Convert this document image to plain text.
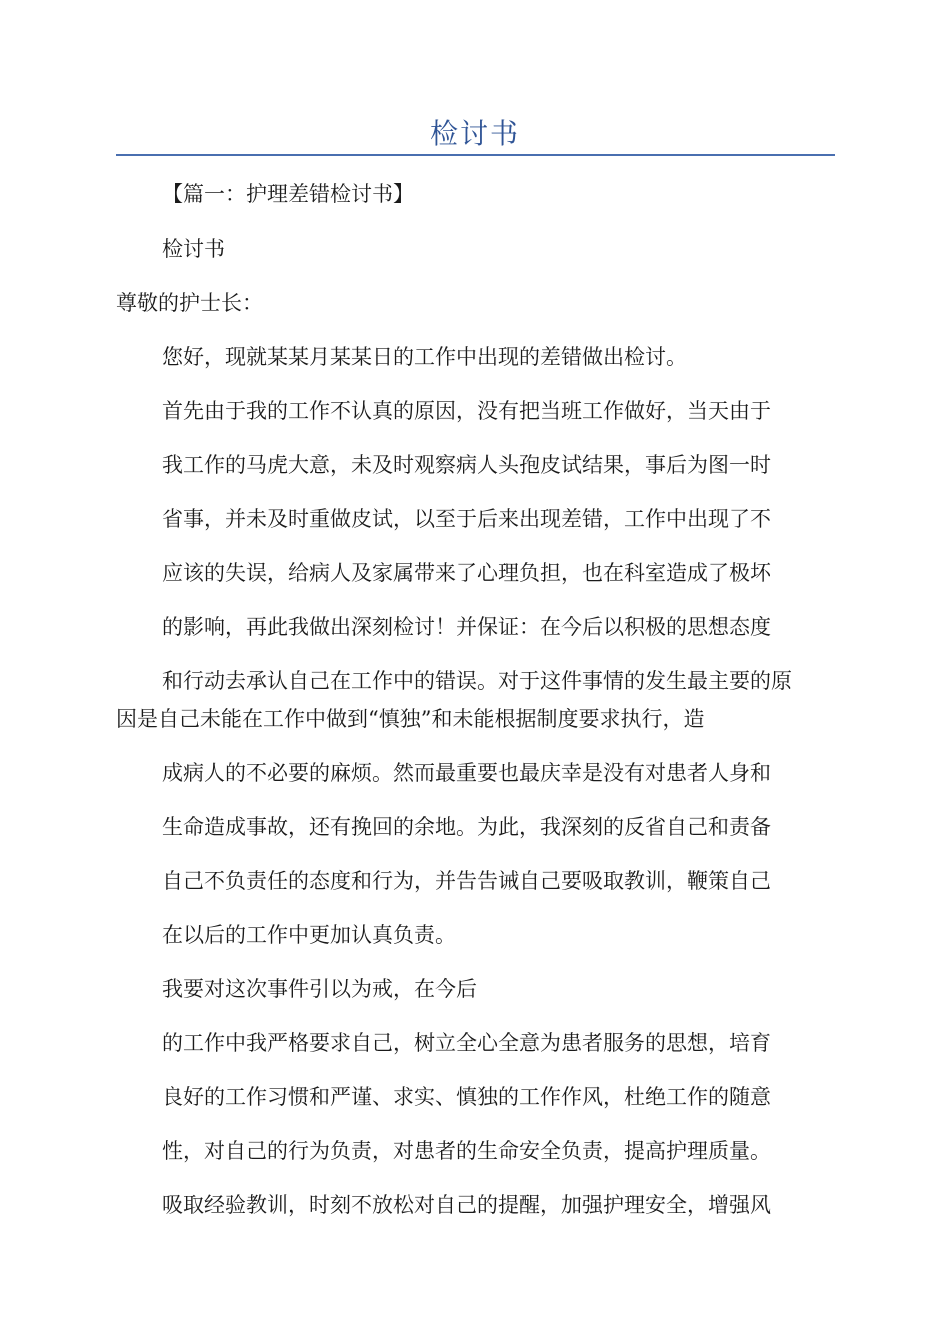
检讨书
【篇一：护理差错检讨书】
检讨书
尊敬的护士长：
您好，现就某某月某某日的工作中出现的差错做出检讨。
首先由于我的工作不认真的原因，没有把当班工作做好，当天由于
我工作的马虎大意，未及时观察病人头孢皮试结果，事后为图一时
省事，并未及时重做皮试，以至于后来出现差错，工作中出现了不
应该的失误，给病人及家属带来了心理负担，也在科室造成了极坏
的影响，再此我做出深刻检讨！并保证：在今后以积极的思想态度
和行动去承认自己在工作中的错误。对于这件事情的发生最主要的原
因是自己未能在工作中做到“慎独”和未能根据制度要求执行，造
成病人的不必要的麻烦。然而最重要也最庆幸是没有对患者人身和
生命造成事故，还有挽回的余地。为此，我深刻的反省自己和责备
自己不负责任的态度和行为，并告告诫自己要吸取教训，鞭策自己
在以后的工作中更加认真负责。
我要对这次事件引以为戒，在今后
的工作中我严格要求自己，树立全心全意为患者服务的思想，培育
良好的工作习惯和严谨、求实、慎独的工作作风，杜绝工作的随意
性，对自己的行为负责，对患者的生命安全负责，提高护理质量。
吸取经验教训，时刻不放松对自己的提醒，加强护理安全，增强风
